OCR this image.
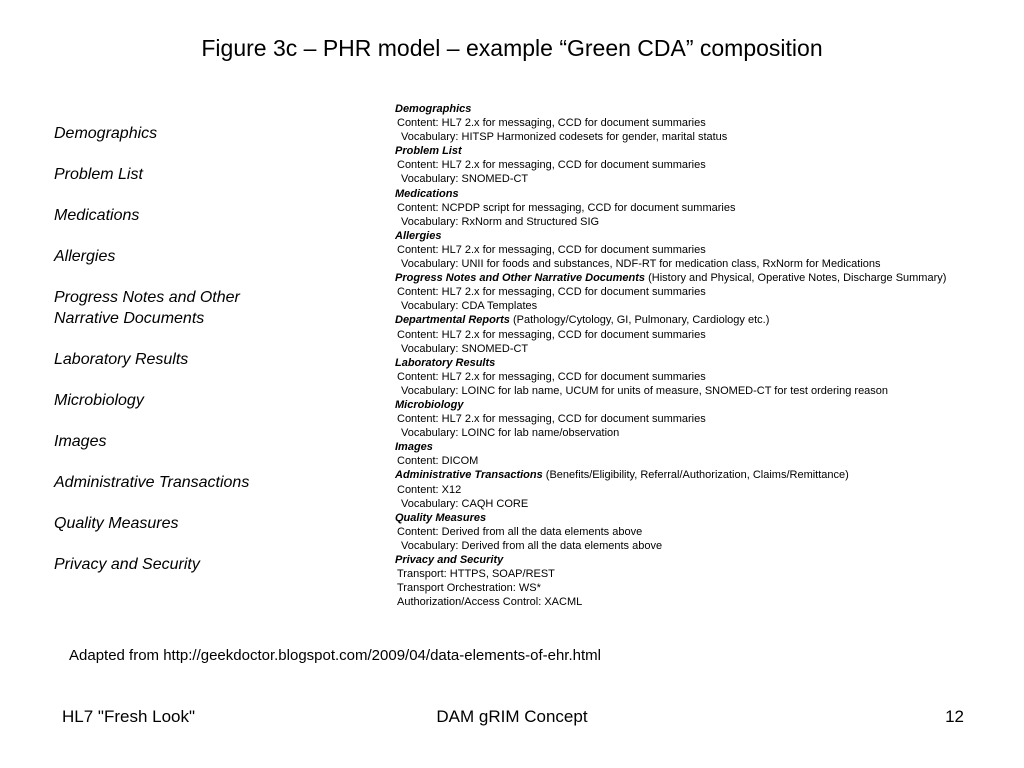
Figure 3c – PHR model – example “Green CDA” composition
Demographics
Problem List
Medications
Allergies
Progress Notes and Other
Narrative Documents
Laboratory Results
Microbiology
Images
Administrative Transactions
Quality Measures
Privacy and Security
Demographics
Content: HL7 2.x for messaging, CCD for document summaries
Vocabulary: HITSP Harmonized codesets for gender, marital status
Problem List
Content: HL7 2.x for messaging, CCD for document summaries
Vocabulary: SNOMED-CT
Medications
Content: NCPDP script for messaging, CCD for document summaries
Vocabulary: RxNorm and Structured SIG
Allergies
Content: HL7 2.x for messaging, CCD for document summaries
Vocabulary: UNII for foods and substances, NDF-RT for medication class, RxNorm for Medications
Progress Notes and Other Narrative Documents (History and Physical, Operative Notes, Discharge Summary)
Content: HL7 2.x for messaging, CCD for document summaries
Vocabulary: CDA Templates
Departmental Reports (Pathology/Cytology, GI, Pulmonary, Cardiology etc.)
Content: HL7 2.x for messaging, CCD for document summaries
Vocabulary: SNOMED-CT
Laboratory Results
Content: HL7 2.x for messaging, CCD for document summaries
Vocabulary: LOINC for lab name, UCUM for units of measure, SNOMED-CT for test ordering reason
Microbiology
Content: HL7 2.x for messaging, CCD for document summaries
Vocabulary: LOINC for lab name/observation
Images
Content: DICOM
Administrative Transactions (Benefits/Eligibility, Referral/Authorization, Claims/Remittance)
Content: X12
Vocabulary: CAQH CORE
Quality Measures
Content: Derived from all the data elements above
Vocabulary: Derived from all the data elements above
Privacy and Security
Transport: HTTPS, SOAP/REST
Transport Orchestration: WS*
Authorization/Access Control: XACML

Adapted from http://geekdoctor.blogspot.com/2009/04/data-elements-of-ehr.html

HL7 "Fresh Look"	DAM gRIM Concept	12
